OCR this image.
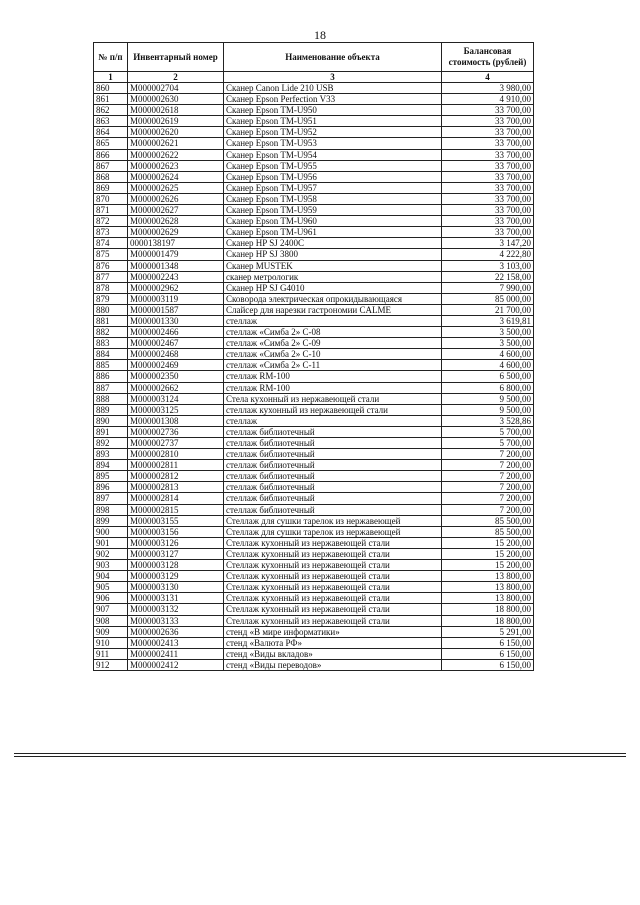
18
№ п/п	Инвентарный номер	Наименование объекта	Балансовая стоимость (рублей)
1	2	3	4
860	M000002704	Сканер Canon Lide 210 USB	3 980,00
861	M000002630	Сканер Epson Perfection V33	4 910,00
862	M000002618	Сканер Epson TM-U950	33 700,00
863	M000002619	Сканер Epson TM-U951	33 700,00
864	M000002620	Сканер Epson TM-U952	33 700,00
865	M000002621	Сканер Epson TM-U953	33 700,00
866	M000002622	Сканер Epson TM-U954	33 700,00
867	M000002623	Сканер Epson TM-U955	33 700,00
868	M000002624	Сканер Epson TM-U956	33 700,00
869	M000002625	Сканер Epson TM-U957	33 700,00
870	M000002626	Сканер Epson TM-U958	33 700,00
871	M000002627	Сканер Epson TM-U959	33 700,00
872	M000002628	Сканер Epson TM-U960	33 700,00
873	M000002629	Сканер Epson TM-U961	33 700,00
874	0000138197	Сканер HP SJ 2400C	3 147,20
875	M000001479	Сканер HP SJ 3800	4 222,80
876	M000001348	Сканер MUSTEK	3 103,00
877	M000002243	сканер метрологик	22 158,00
878	M000002962	Сканер HP SJ G4010	7 990,00
879	M000003119	Сковорода электрическая опрокидывающаяся	85 000,00
880	M000001587	Слайсер для нарезки гастрономии CALME	21 700,00
881	M000001330	стеллаж	3 619,81
882	M000002466	стеллаж «Симба 2» С-08	3 500,00
883	M000002467	стеллаж «Симба 2» С-09	3 500,00
884	M000002468	стеллаж «Симба 2» С-10	4 600,00
885	M000002469	стеллаж «Симба 2» С-11	4 600,00
886	M000002350	стеллаж RM-100	6 500,00
887	M000002662	стеллаж RM-100	6 800,00
888	M000003124	Стела кухонный из нержавеющей стали	9 500,00
889	M000003125	стеллаж кухонный из нержавеющей стали	9 500,00
890	M000001308	стеллаж	3 528,86
891	M000002736	стеллаж библиотечный	5 700,00
892	M000002737	стеллаж библиотечный	5 700,00
893	M000002810	стеллаж библиотечный	7 200,00
894	M000002811	стеллаж библиотечный	7 200,00
895	M000002812	стеллаж библиотечный	7 200,00
896	M000002813	стеллаж библиотечный	7 200,00
897	M000002814	стеллаж библиотечный	7 200,00
898	M000002815	стеллаж библиотечный	7 200,00
899	M000003155	Стеллаж для сушки тарелок из нержавеющей	85 500,00
900	M000003156	Стеллаж для сушки тарелок из нержавеющей	85 500,00
901	M000003126	Стеллаж кухонный из нержавеющей стали	15 200,00
902	M000003127	Стеллаж кухонный из нержавеющей стали	15 200,00
903	M000003128	Стеллаж кухонный из нержавеющей стали	15 200,00
904	M000003129	Стеллаж кухонный из нержавеющей стали	13 800,00
905	M000003130	Стеллаж кухонный из нержавеющей стали	13 800,00
906	M000003131	Стеллаж кухонный из нержавеющей стали	13 800,00
907	M000003132	Стеллаж кухонный из нержавеющей стали	18 800,00
908	M000003133	Стеллаж кухонный из нержавеющей стали	18 800,00
909	M000002636	стенд «В мире информатики»	5 291,00
910	M000002413	стенд «Валюта РФ»	6 150,00
911	M000002411	стенд «Виды вкладов»	6 150,00
912	M000002412	стенд «Виды переводов»	6 150,00
